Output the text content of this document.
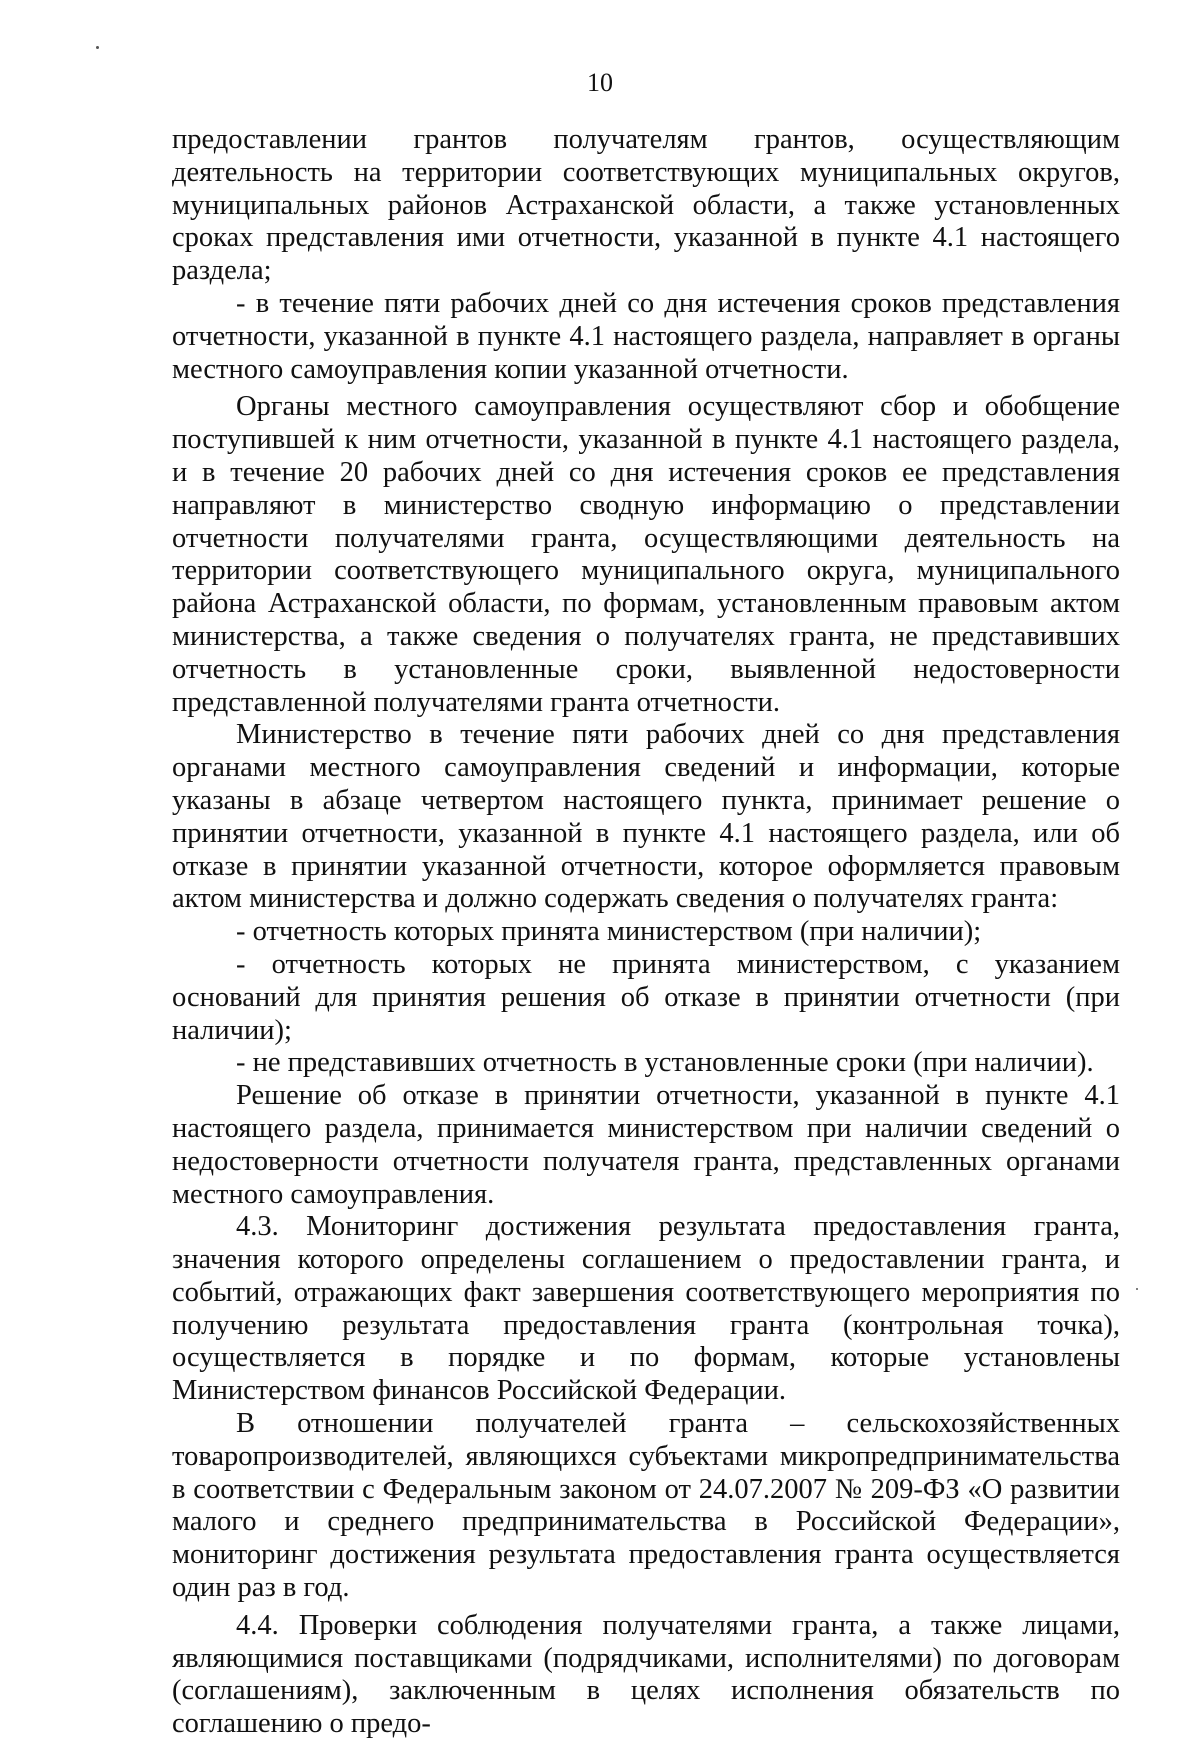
10

предоставлении грантов получателям грантов, осуществляющим деятельность на территории соответствующих муниципальных округов, муниципальных районов Астраханской области, а также установленных сроках представления ими отчетности, указанной в пункте 4.1 настоящего раздела;

- в течение пяти рабочих дней со дня истечения сроков представления отчетности, указанной в пункте 4.1 настоящего раздела, направляет в органы местного самоуправления копии указанной отчетности.

Органы местного самоуправления осуществляют сбор и обобщение поступившей к ним отчетности, указанной в пункте 4.1 настоящего раздела, и в течение 20 рабочих дней со дня истечения сроков ее представления направляют в министерство сводную информацию о представлении отчетности получателями гранта, осуществляющими деятельность на территории соответствующего муниципального округа, муниципального района Астраханской области, по формам, установленным правовым актом министерства, а также сведения о получателях гранта, не представивших отчетность в установленные сроки, выявленной недостоверности представленной получателями гранта отчетности.

Министерство в течение пяти рабочих дней со дня представления органами местного самоуправления сведений и информации, которые указаны в абзаце четвертом настоящего пункта, принимает решение о принятии отчетности, указанной в пункте 4.1 настоящего раздела, или об отказе в принятии указанной отчетности, которое оформляется правовым актом министерства и должно содержать сведения о получателях гранта:

- отчетность которых принята министерством (при наличии);

- отчетность которых не принята министерством, с указанием оснований для принятия решения об отказе в принятии отчетности (при наличии);

- не представивших отчетность в установленные сроки (при наличии).

Решение об отказе в принятии отчетности, указанной в пункте 4.1 настоящего раздела, принимается министерством при наличии сведений о недостоверности отчетности получателя гранта, представленных органами местного самоуправления.

4.3. Мониторинг достижения результата предоставления гранта, значения которого определены соглашением о предоставлении гранта, и событий, отражающих факт завершения соответствующего мероприятия по получению результата предоставления гранта (контрольная точка), осуществляется в порядке и по формам, которые установлены Министерством финансов Российской Федерации.

В отношении получателей гранта – сельскохозяйственных товаропроизводителей, являющихся субъектами микропредпринимательства в соответствии с Федеральным законом от 24.07.2007 № 209-ФЗ «О развитии малого и среднего предпринимательства в Российской Федерации», мониторинг достижения результата предоставления гранта осуществляется один раз в год.

4.4. Проверки соблюдения получателями гранта, а также лицами, являющимися поставщиками (подрядчиками, исполнителями) по договорам (соглашениям), заключенным в целях исполнения обязательств по соглашению о предо-
